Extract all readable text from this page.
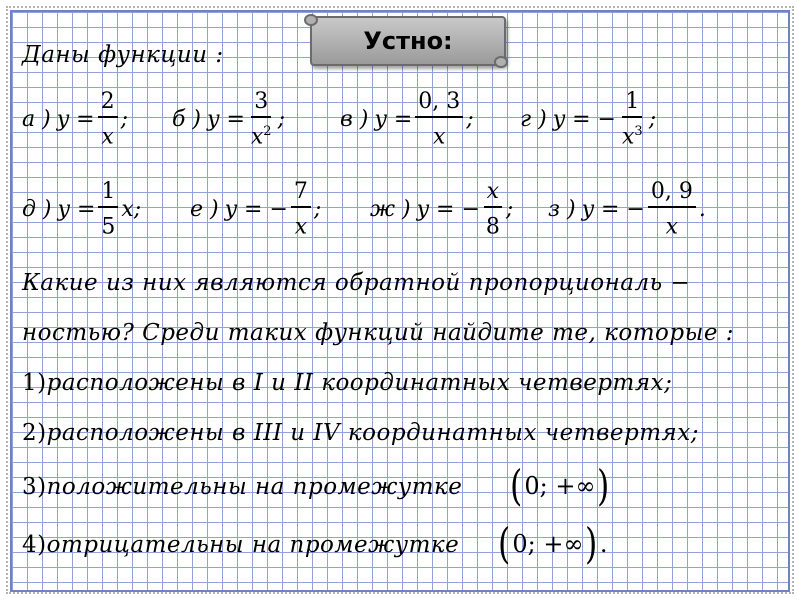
Устно:
Даны функции :
а ) $y = \frac{2}{x}$ ; б ) $y = \frac{3}{x^2}$ ;	в ) $y = \frac{0, 3}{x}$ ; г ) y = − $\frac{1}{x^3}$ ;
д ) $y = \frac{1}{5} x$; е ) y = − $\frac{7}{x}$ ; ж ) y = − $\frac{x}{8}$ ; з ) y = − $\frac{0, 9}{x}$ .
Какие из них являются обратной пропорциональ −
ностью? Среди таких функций найдите те, которые :
1)расположены в I и II координатных четвертях;
2)расположены в III и IV координатных четвертях;
3)положительны на промежутке
4)отрицательны на промежутке
( 0; +∞ )
( 0; +∞ ) .
